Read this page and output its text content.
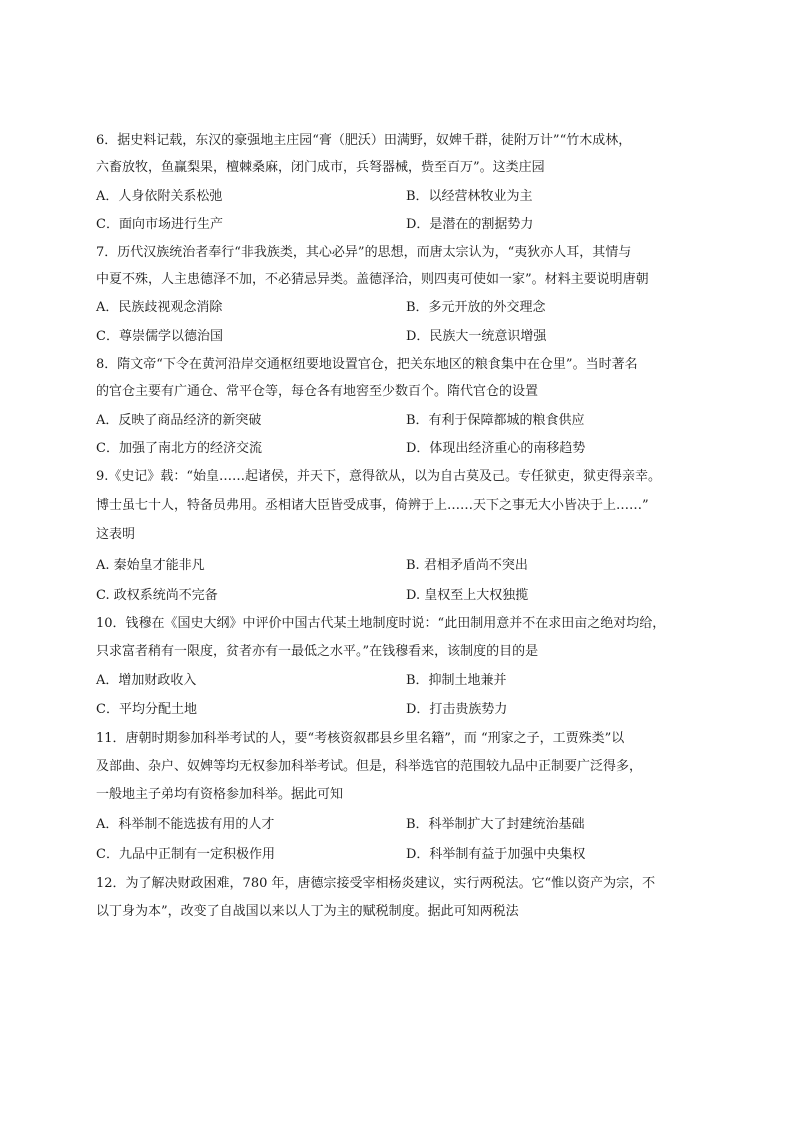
6．据史料记载，东汉的豪强地主庄园“膏（肥沃）田满野，奴婢千群，徒附万计”“竹木成林，
六畜放牧，鱼赢梨果，檀棘桑麻，闭门成市，兵弩器械，赀至百万”。这类庄园
A．人身依附关系松弛	B．以经营林牧业为主
C．面向市场进行生产	D．是潜在的割据势力
7．历代汉族统治者奉行“非我族类，其心必异”的思想，而唐太宗认为，“夷狄亦人耳，其情与
中夏不殊，人主患德泽不加，不必猜忌异类。盖德泽洽，则四夷可使如一家”。材料主要说明唐朝
A．民族歧视观念消除	B．多元开放的外交理念
C．尊崇儒学以德治国	D．民族大一统意识增强
8．隋文帝“下令在黄河沿岸交通枢纽要地设置官仓，把关东地区的粮食集中在仓里”。当时著名
的官仓主要有广通仓、常平仓等，每仓各有地窖至少数百个。隋代官仓的设置
A．反映了商品经济的新突破	B．有利于保障都城的粮食供应
C．加强了南北方的经济交流	D．体现出经济重心的南移趋势
9.《史记》载：“始皇……起诸侯，并天下，意得欲从，以为自古莫及己。专任狱吏，狱吏得亲幸。
博士虽七十人，特备员弗用。丞相诸大臣皆受成事，倚辨于上……天下之事无大小皆决于上……”
这表明
A. 秦始皇才能非凡	B. 君相矛盾尚不突出
C. 政权系统尚不完备	D. 皇权至上大权独揽
10．钱穆在《国史大纲》中评价中国古代某土地制度时说：“此田制用意并不在求田亩之绝对均给，
只求富者稍有一限度，贫者亦有一最低之水平。”在钱穆看来，该制度的目的是
A．增加财政收入	B．抑制土地兼并
C．平均分配土地	D．打击贵族势力
11．唐朝时期参加科举考试的人，要“考核资叙郡县乡里名籍”，而 “刑家之子，工贾殊类”以
及部曲、杂户、奴婢等均无权参加科举考试。但是，科举选官的范围较九品中正制要广泛得多，
一般地主子弟均有资格参加科举。据此可知
A．科举制不能选拔有用的人才	B．科举制扩大了封建统治基础
C．九品中正制有一定积极作用	D．科举制有益于加强中央集权
12．为了解决财政困难，780 年，唐德宗接受宰相杨炎建议，实行两税法。它“惟以资产为宗，不
以丁身为本”，改变了自战国以来以人丁为主的赋税制度。据此可知两税法
